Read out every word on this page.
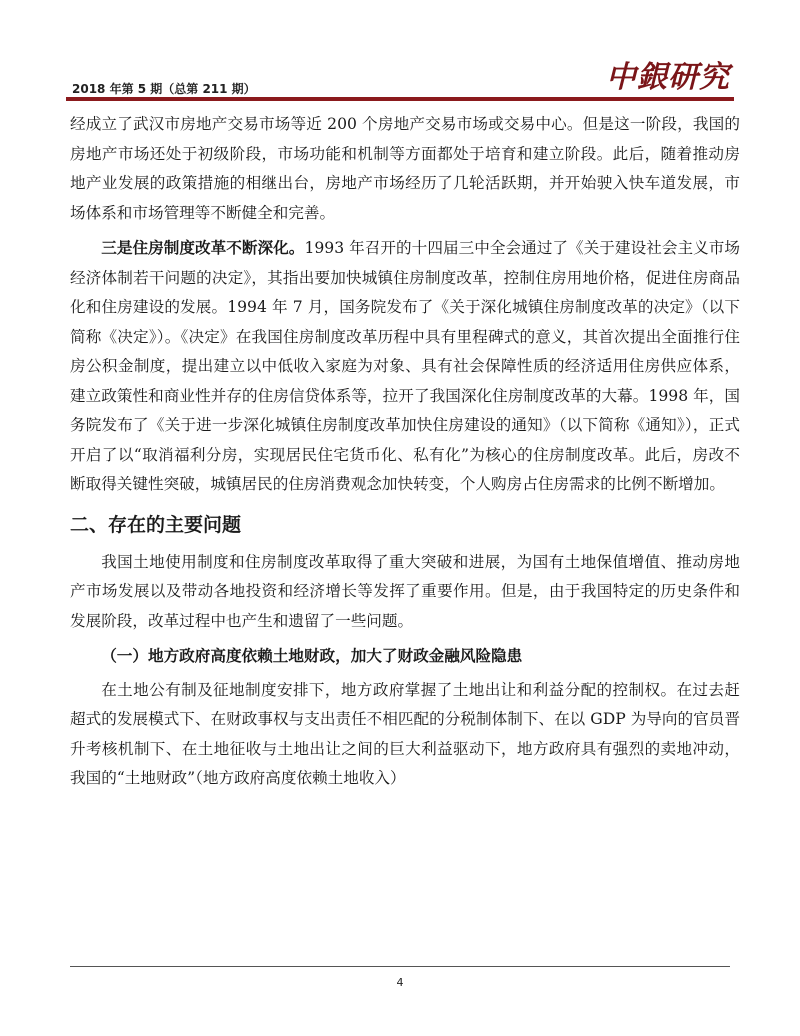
2018 年第 5 期（总第 211 期）	中銀研究

经成立了武汉市房地产交易市场等近 200 个房地产交易市场或交易中心。但是这一阶段，我国的房地产市场还处于初级阶段，市场功能和机制等方面都处于培育和建立阶段。此后，随着推动房地产业发展的政策措施的相继出台，房地产市场经历了几轮活跃期，并开始驶入快车道发展，市场体系和市场管理等不断健全和完善。

三是住房制度改革不断深化。1993 年召开的十四届三中全会通过了《关于建设社会主义市场经济体制若干问题的决定》，其指出要加快城镇住房制度改革，控制住房用地价格，促进住房商品化和住房建设的发展。1994 年 7 月，国务院发布了《关于深化城镇住房制度改革的决定》（以下简称《决定》）。《决定》在我国住房制度改革历程中具有里程碑式的意义，其首次提出全面推行住房公积金制度，提出建立以中低收入家庭为对象、具有社会保障性质的经济适用住房供应体系，建立政策性和商业性并存的住房信贷体系等，拉开了我国深化住房制度改革的大幕。1998 年，国务院发布了《关于进一步深化城镇住房制度改革加快住房建设的通知》（以下简称《通知》），正式开启了以“取消福利分房，实现居民住宅货币化、私有化”为核心的住房制度改革。此后，房改不断取得关键性突破，城镇居民的住房消费观念加快转变，个人购房占住房需求的比例不断增加。

二、存在的主要问题

我国土地使用制度和住房制度改革取得了重大突破和进展，为国有土地保值增值、推动房地产市场发展以及带动各地投资和经济增长等发挥了重要作用。但是，由于我国特定的历史条件和发展阶段，改革过程中也产生和遗留了一些问题。

（一）地方政府高度依赖土地财政，加大了财政金融风险隐患

在土地公有制及征地制度安排下，地方政府掌握了土地出让和利益分配的控制权。在过去赶超式的发展模式下、在财政事权与支出责任不相匹配的分税制体制下、在以 GDP 为导向的官员晋升考核机制下、在土地征收与土地出让之间的巨大利益驱动下，地方政府具有强烈的卖地冲动，我国的“土地财政”（地方政府高度依赖土地收入）

4
